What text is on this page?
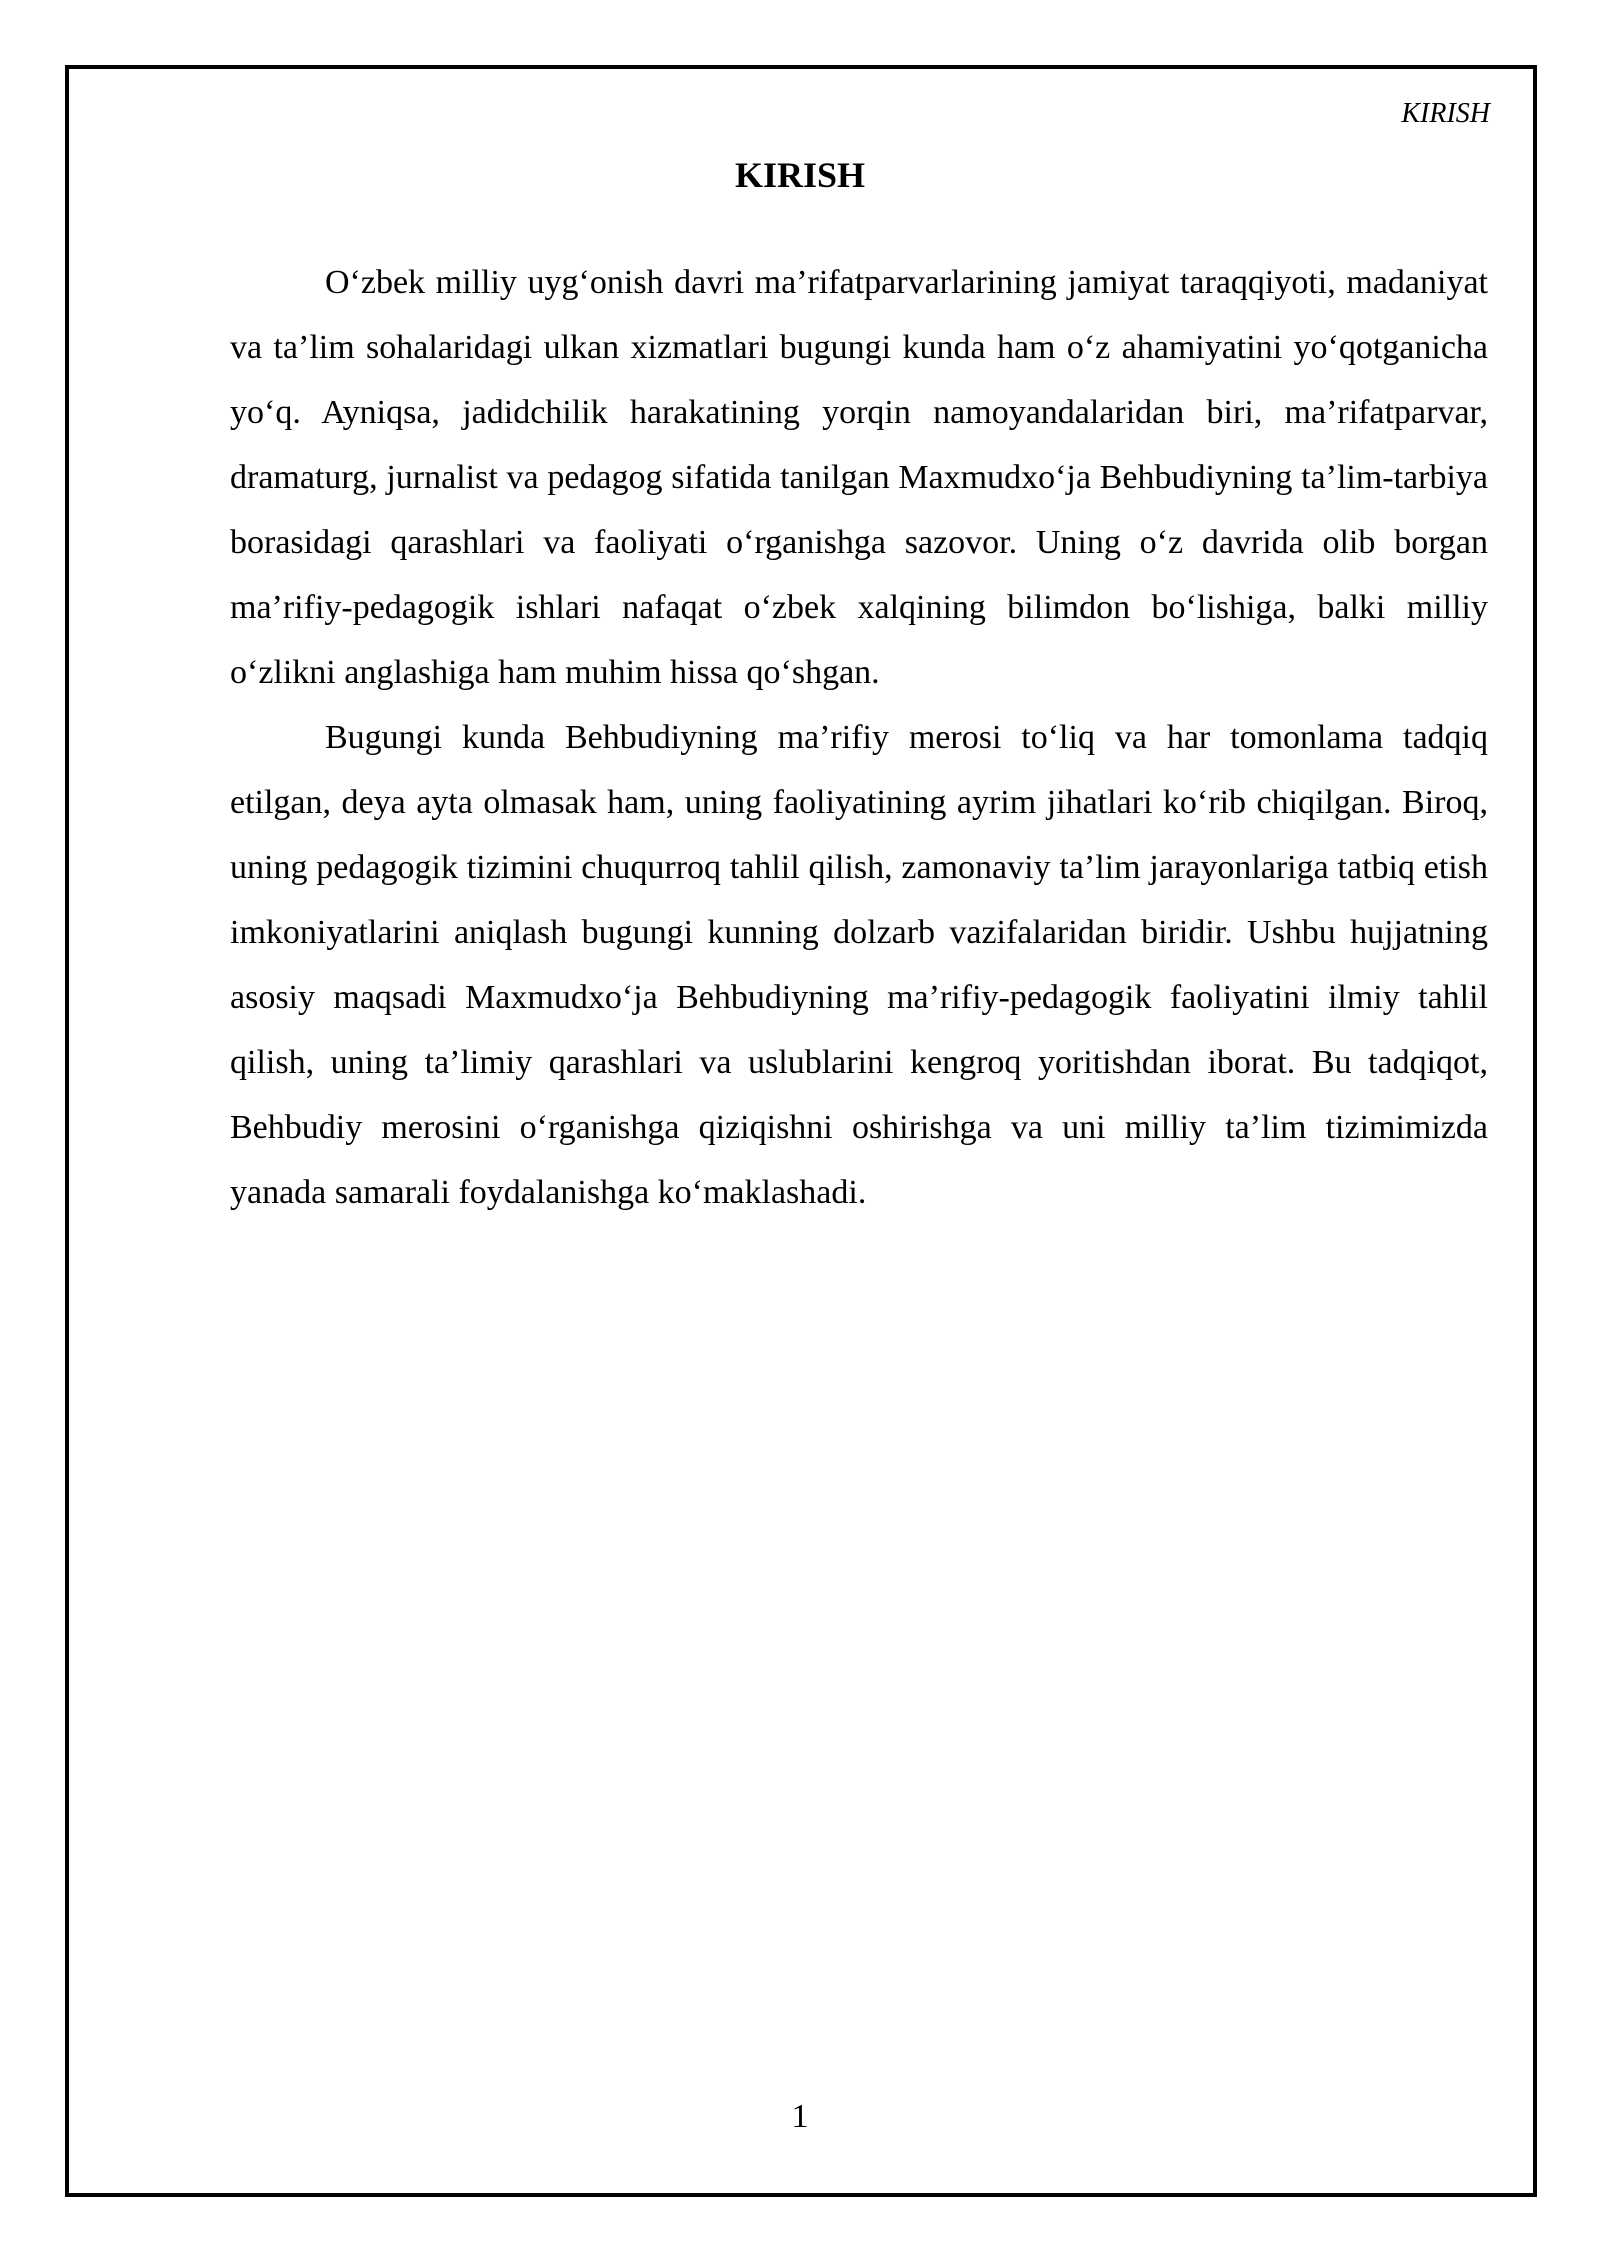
KIRISH

KIRISH

O‘zbek milliy uyg‘onish davri ma’rifatparvarlarining jamiyat taraqqiyoti, madaniyat va ta’lim sohalaridagi ulkan xizmatlari bugungi kunda ham o‘z ahamiyatini yo‘qotganicha yo‘q. Ayniqsa, jadidchilik harakatining yorqin namoyandalaridan biri, ma’rifatparvar, dramaturg, jurnalist va pedagog sifatida tanilgan Maxmudxo‘ja Behbudiyning ta’lim-tarbiya borasidagi qarashlari va faoliyati o‘rganishga sazovor. Uning o‘z davrida olib borgan ma’rifiy-pedagogik ishlari nafaqat o‘zbek xalqining bilimdon bo‘lishiga, balki milliy o‘zlikni anglashiga ham muhim hissa qo‘shgan.

Bugungi kunda Behbudiyning ma’rifiy merosi to‘liq va har tomonlama tadqiq etilgan, deya ayta olmasak ham, uning faoliyatining ayrim jihatlari ko‘rib chiqilgan. Biroq, uning pedagogik tizimini chuqurroq tahlil qilish, zamonaviy ta’lim jarayonlariga tatbiq etish imkoniyatlarini aniqlash bugungi kunning dolzarb vazifalaridan biridir. Ushbu hujjatning asosiy maqsadi Maxmudxo‘ja Behbudiyning ma’rifiy-pedagogik faoliyatini ilmiy tahlil qilish, uning ta’limiy qarashlari va uslublarini kengroq yoritishdan iborat. Bu tadqiqot, Behbudiy merosini o‘rganishga qiziqishni oshirishga va uni milliy ta’lim tizimimizda yanada samarali foydalanishga ko‘maklashadi.

1
